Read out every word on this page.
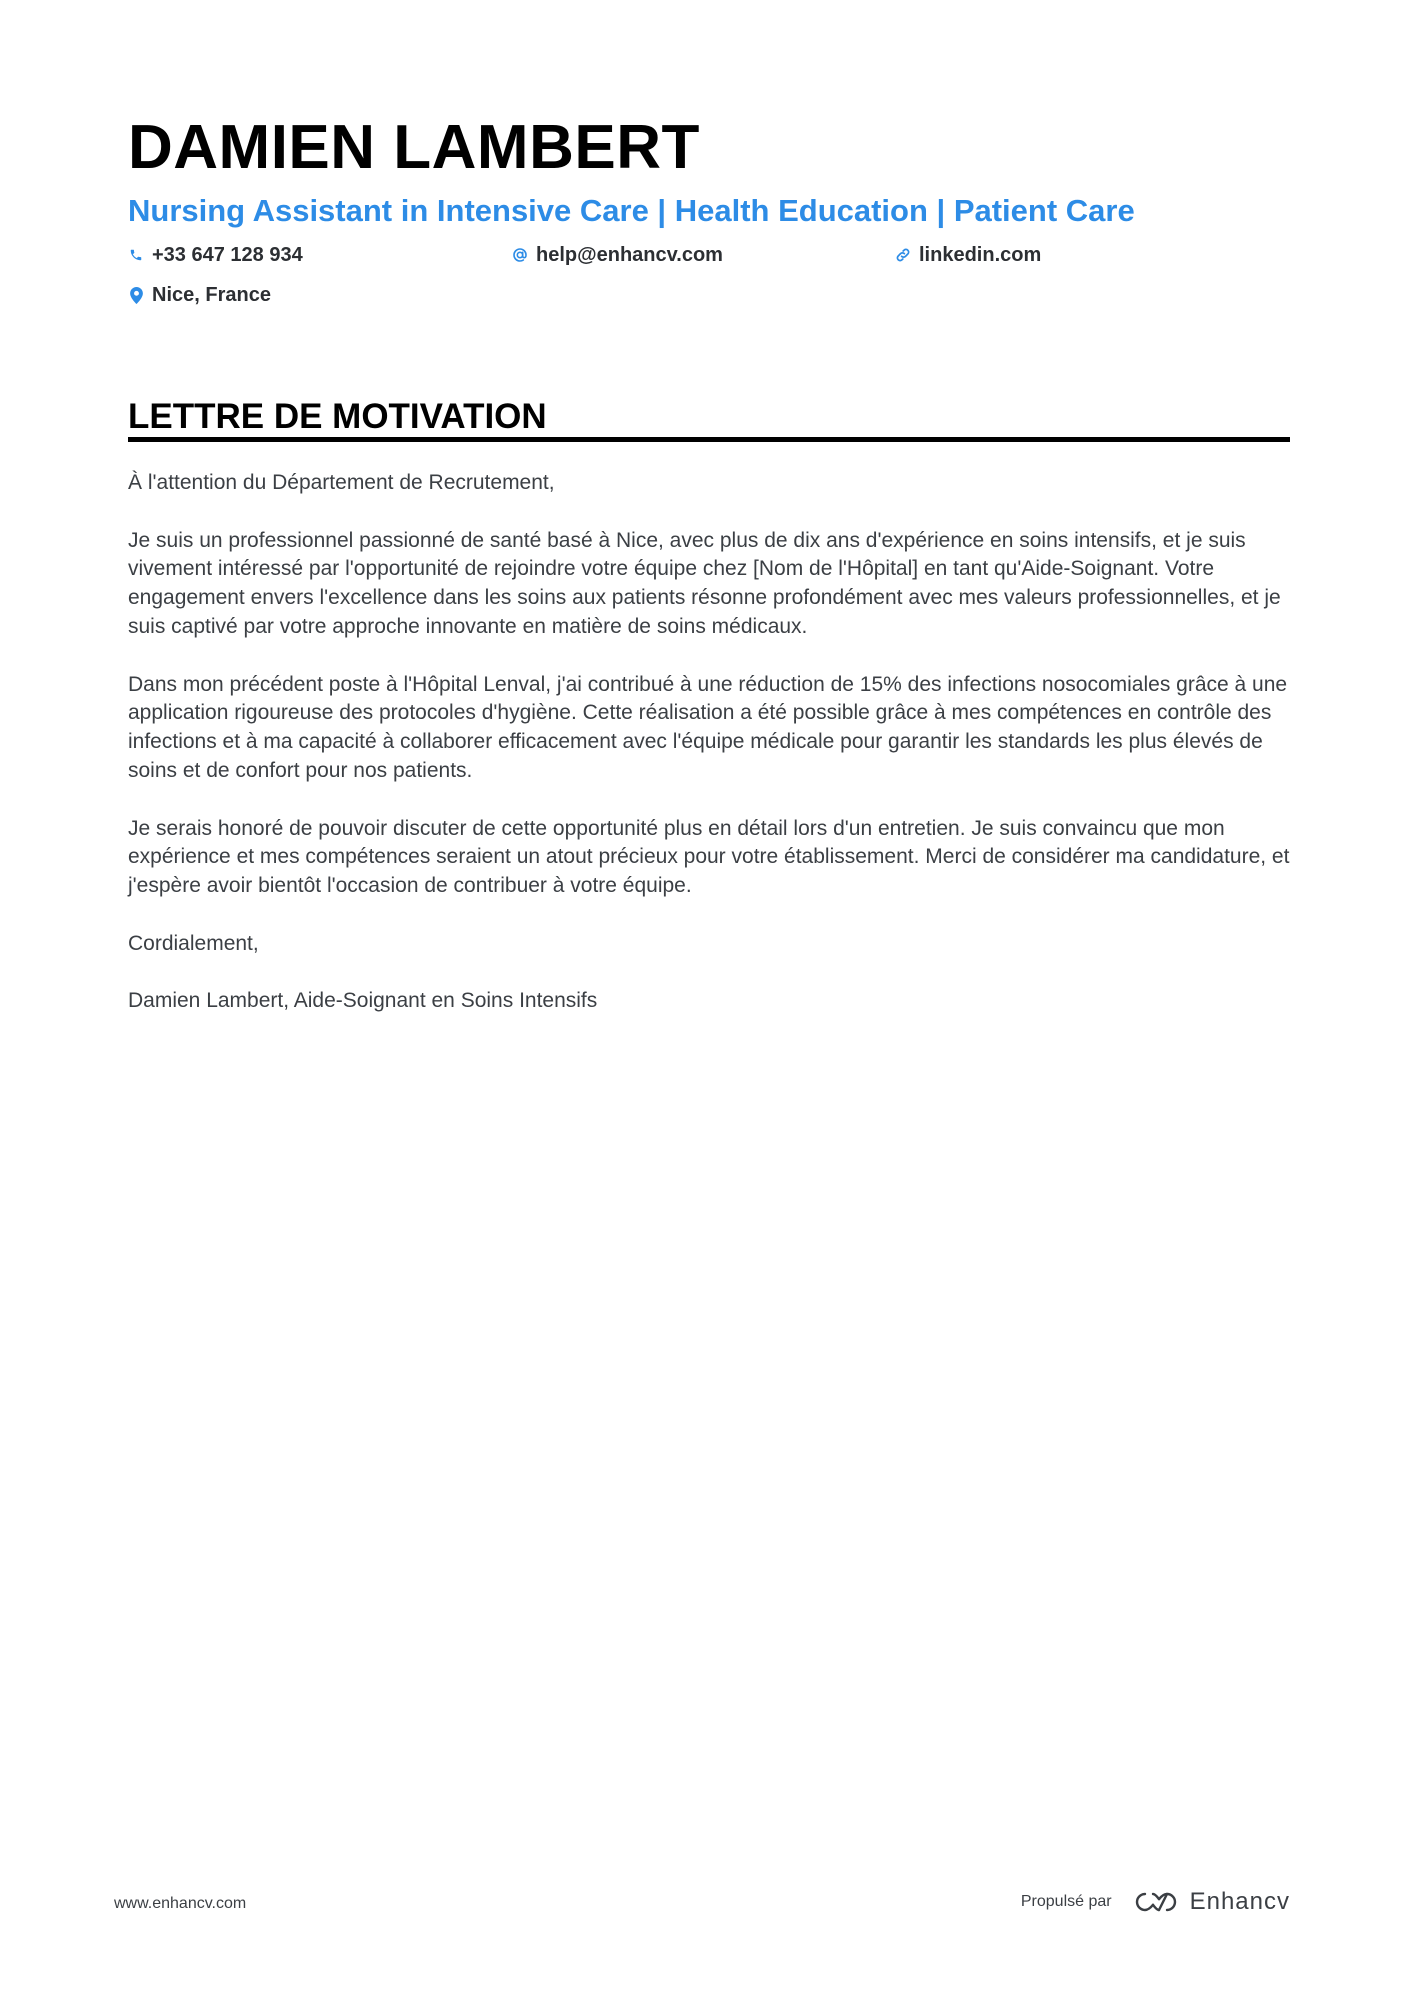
DAMIEN LAMBERT
Nursing Assistant in Intensive Care | Health Education | Patient Care
+33 647 128 934	help@enhancv.com	linkedin.com
Nice, France
LETTRE DE MOTIVATION

À l'attention du Département de Recrutement,

Je suis un professionnel passionné de santé basé à Nice, avec plus de dix ans d'expérience en soins intensifs, et je suis vivement intéressé par l'opportunité de rejoindre votre équipe chez [Nom de l'Hôpital] en tant qu'Aide-Soignant. Votre engagement envers l'excellence dans les soins aux patients résonne profondément avec mes valeurs professionnelles, et je suis captivé par votre approche innovante en matière de soins médicaux.

Dans mon précédent poste à l'Hôpital Lenval, j'ai contribué à une réduction de 15% des infections nosocomiales grâce à une application rigoureuse des protocoles d'hygiène. Cette réalisation a été possible grâce à mes compétences en contrôle des infections et à ma capacité à collaborer efficacement avec l'équipe médicale pour garantir les standards les plus élevés de soins et de confort pour nos patients.

Je serais honoré de pouvoir discuter de cette opportunité plus en détail lors d'un entretien. Je suis convaincu que mon expérience et mes compétences seraient un atout précieux pour votre établissement. Merci de considérer ma candidature, et j'espère avoir bientôt l'occasion de contribuer à votre équipe.

Cordialement,

Damien Lambert, Aide-Soignant en Soins Intensifs

www.enhancv.com	Propulsé par	Enhancv
